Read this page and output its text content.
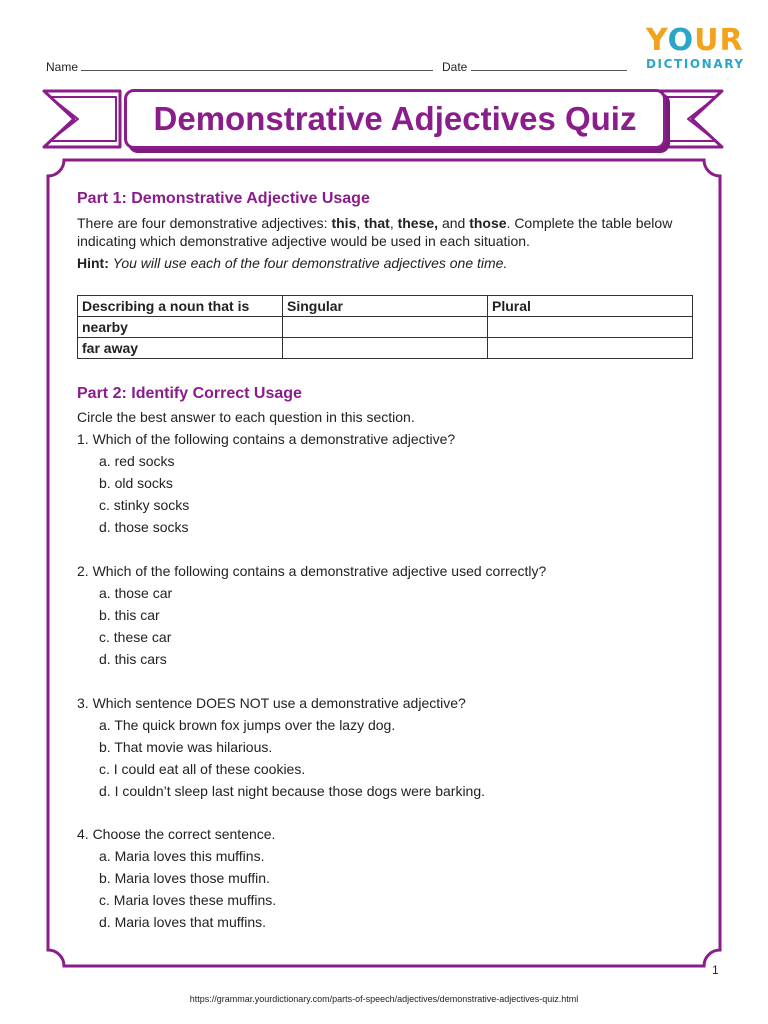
Name	Date
YOUR
DICTIONARY
Demonstrative Adjectives Quiz
Part 1: Demonstrative Adjective Usage
There are four demonstrative adjectives: this, that, these, and those. Complete the table below indicating which demonstrative adjective would be used in each situation.
Hint: You will use each of the four demonstrative adjectives one time.
Describing a noun that is	Singular	Plural
nearby		
far away		
Part 2: Identify Correct Usage
Circle the best answer to each question in this section.
1. Which of the following contains a demonstrative adjective?
a. red socks
b. old socks
c. stinky socks
d. those socks
2. Which of the following contains a demonstrative adjective used correctly?
a. those car
b. this car
c. these car
d. this cars
3. Which sentence DOES NOT use a demonstrative adjective?
a. The quick brown fox jumps over the lazy dog.
b. That movie was hilarious.
c. I could eat all of these cookies.
d. I couldn’t sleep last night because those dogs were barking.
4. Choose the correct sentence.
a. Maria loves this muffins.
b. Maria loves those muffin.
c. Maria loves these muffins.
d. Maria loves that muffins.
1
https://grammar.yourdictionary.com/parts-of-speech/adjectives/demonstrative-adjectives-quiz.html
